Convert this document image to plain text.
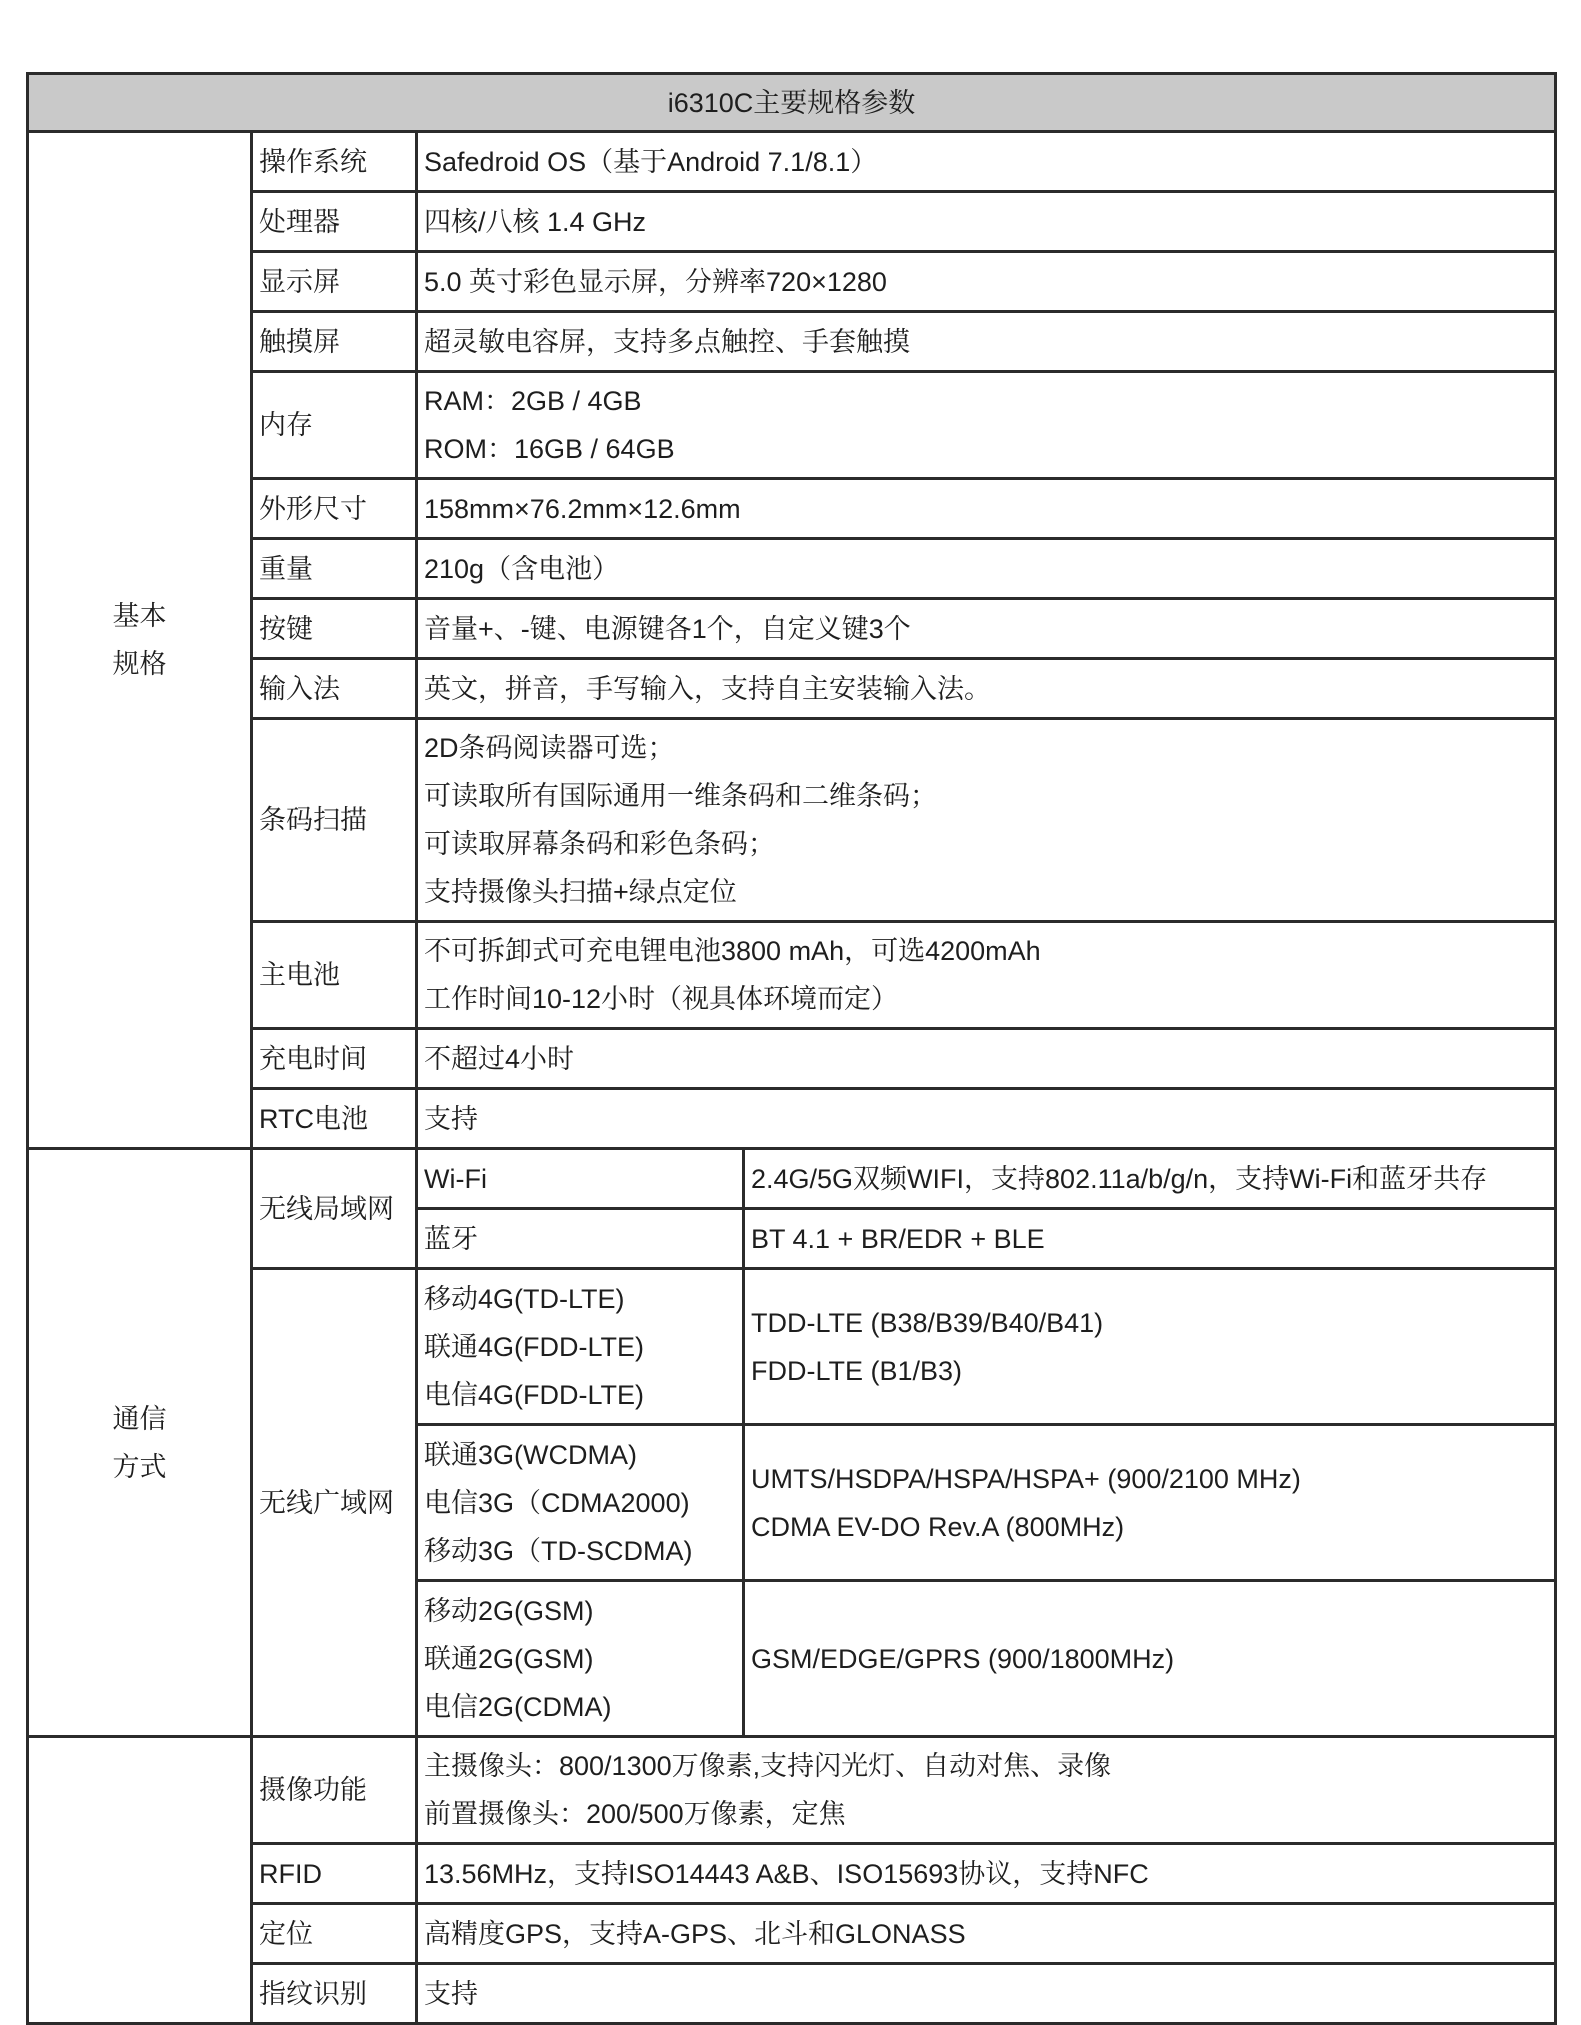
i6310C主要规格参数			

基本
规格	操作系统	Safedroid OS（基于Android 7.1/8.1）	

	处理器	四核/八核 1.4 GHz	

	显示屏	5.0 英寸彩色显示屏，分辨率720×1280	

	触摸屏	超灵敏电容屏，支持多点触控、手套触摸	

	内存	RAM：2GB / 4GB
ROM：16GB / 64GB	

	外形尺寸	158mm×76.2mm×12.6mm	

	重量	210g（含电池）	

	按键	音量+、-键、电源键各1个，自定义键3个	

	输入法	英文，拼音，手写输入，支持自主安装输入法。	

	条码扫描	2D条码阅读器可选；
可读取所有国际通用一维条码和二维条码；
可读取屏幕条码和彩色条码；
支持摄像头扫描+绿点定位	

	主电池	不可拆卸式可充电锂电池3800 mAh，可选4200mAh
工作时间10-12小时（视具体环境而定）	

	充电时间	不超过4小时	

	RTC电池	支持	

通信
方式	无线局域网	Wi-Fi	2.4G/5G双频WIFI，支持802.11a/b/g/n，支持Wi-Fi和蓝牙共存
		蓝牙	BT 4.1 + BR/EDR + BLE
	无线广域网	移动4G(TD-LTE)
联通4G(FDD-LTE)
电信4G(FDD-LTE)	TDD-LTE (B38/B39/B40/B41)
FDD-LTE (B1/B3)

		联通3G(WCDMA)
电信3G（CDMA2000)
移动3G（TD-SCDMA)	UMTS/HSDPA/HSPA/HSPA+ (900/2100 MHz)
CDMA EV-DO Rev.A (800MHz)

		移动2G(GSM)
联通2G(GSM)
电信2G(CDMA)	GSM/EDGE/GPRS (900/1800MHz)

	摄像功能	主摄像头：800/1300万像素,支持闪光灯、自动对焦、录像
前置摄像头：200/500万像素，定焦	

	RFID	13.56MHz，支持ISO14443 A&B、ISO15693协议，支持NFC	

	定位	高精度GPS，支持A-GPS、北斗和GLONASS	

	指纹识别	支持	
